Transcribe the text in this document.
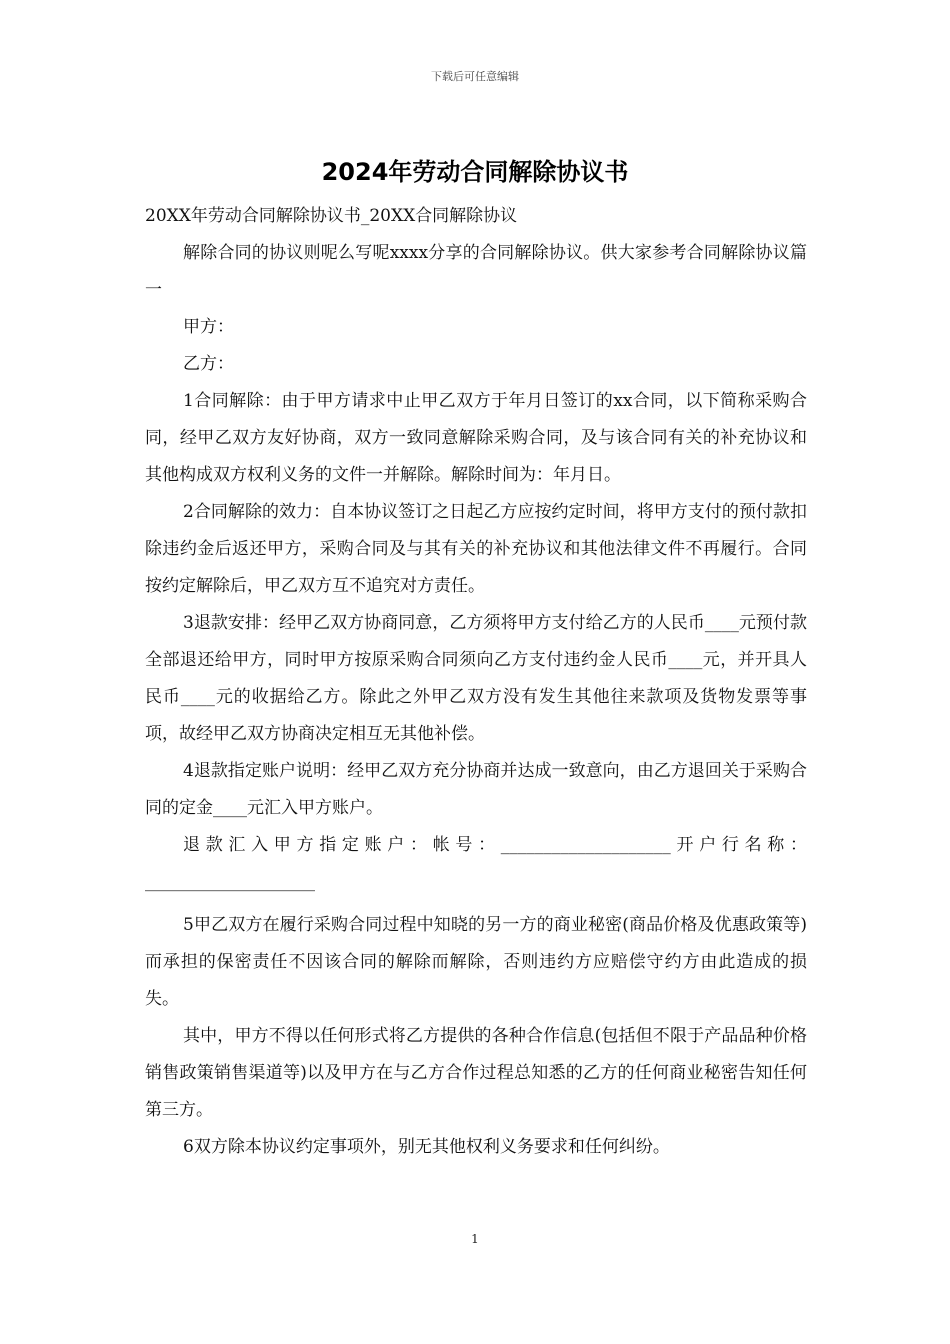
下载后可任意编辑
2024年劳动合同解除协议书

20XX年劳动合同解除协议书_20XX合同解除协议

解除合同的协议则呢么写呢xxxx分享的合同解除协议。供大家参考合同解除协议篇一

甲方：

乙方：

1合同解除：由于甲方请求中止甲乙双方于年月日签订的xx合同，以下简称采购合同，经甲乙双方友好协商，双方一致同意解除采购合同，及与该合同有关的补充协议和其他构成双方权利义务的文件一并解除。解除时间为：年月日。

2合同解除的效力：自本协议签订之日起乙方应按约定时间，将甲方支付的预付款扣除违约金后返还甲方，采购合同及与其有关的补充协议和其他法律文件不再履行。合同按约定解除后，甲乙双方互不追究对方责任。

3退款安排：经甲乙双方协商同意，乙方须将甲方支付给乙方的人民币____元预付款全部退还给甲方，同时甲方按原采购合同须向乙方支付违约金人民币____元，并开具人民币____元的收据给乙方。除此之外甲乙双方没有发生其他往来款项及货物发票等事项，故经甲乙双方协商决定相互无其他补偿。

4退款指定账户说明：经甲乙双方充分协商并达成一致意向，由乙方退回关于采购合同的定金____元汇入甲方账户。

退款汇入甲方指定账户：帐号：____________________开户行名称：____________________

5甲乙双方在履行采购合同过程中知晓的另一方的商业秘密(商品价格及优惠政策等)而承担的保密责任不因该合同的解除而解除，否则违约方应赔偿守约方由此造成的损失。

其中，甲方不得以任何形式将乙方提供的各种合作信息(包括但不限于产品品种价格销售政策销售渠道等)以及甲方在与乙方合作过程总知悉的乙方的任何商业秘密告知任何第三方。

6双方除本协议约定事项外，别无其他权利义务要求和任何纠纷。

1
